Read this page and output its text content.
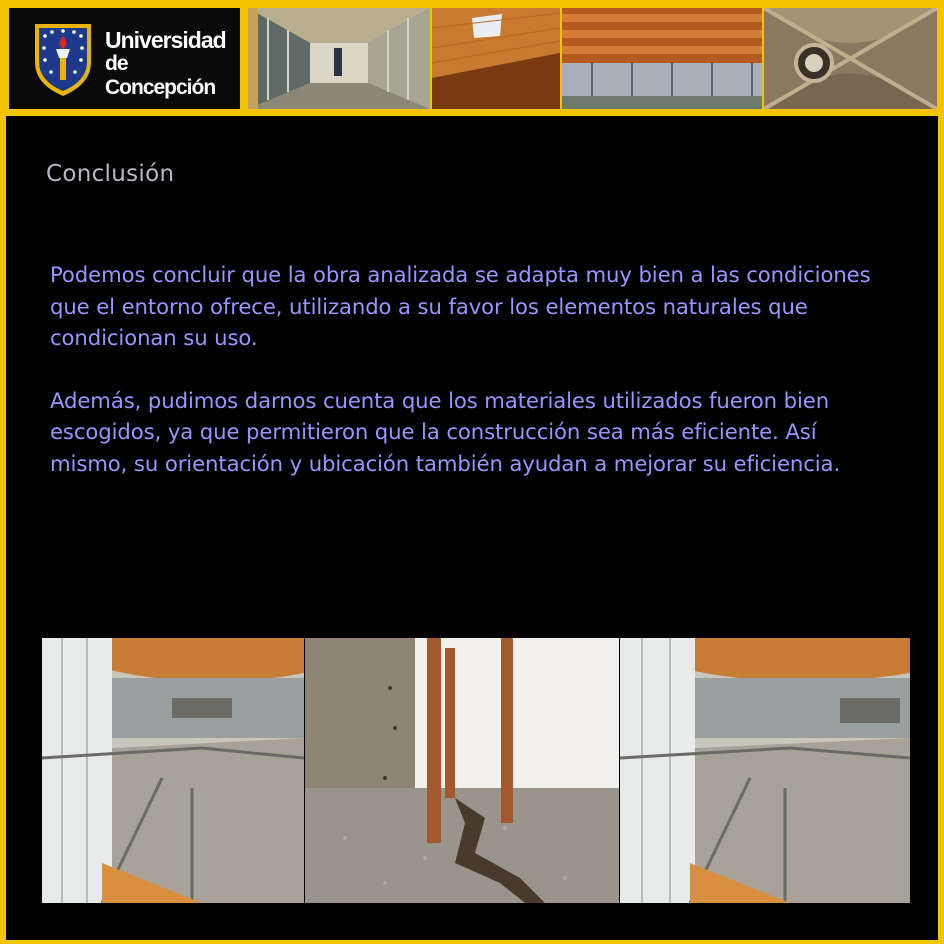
Universidad
de Concepción
Conclusión

Podemos concluir que la obra analizada se adapta muy bien a las condiciones que el entorno ofrece, utilizando a su favor los elementos naturales que condicionan su uso.

Además, pudimos darnos cuenta que los materiales utilizados fueron bien escogidos, ya que permitieron que la construcción sea más eficiente. Así mismo, su orientación y ubicación también ayudan a mejorar su eficiencia.
